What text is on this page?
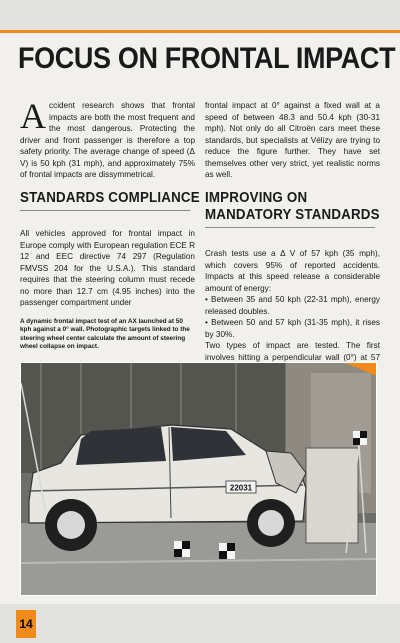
FOCUS ON FRONTAL IMPACT
Accident research shows that frontal impacts are both the most frequent and the most dangerous. Protecting the driver and front passenger is therefore a top safety priority. The average change of speed (Δ V) is 50 kph (31 mph), and approximately 75% of frontal impacts are dissymmetrical.

frontal impact at 0° against a fixed wall at a speed of between 48.3 and 50.4 kph (30-31 mph). Not only do all Citroën cars meet these standards, but specialists at Vélizy are trying to reduce the figure further. They have set themselves other very strict, yet realistic norms as well.

STANDARDS COMPLIANCE IMPROVING ON
MANDATORY STANDARDS

All vehicles approved for frontal impact in Europe comply with European regulation ECE R 12 and EEC directive 74 297 (Regulation FMVSS 204 for the U.S.A.). This standard requires that the steering column must recede no more than 12.7 cm (4.95 inches) into the passenger compartment under

A dynamic frontal impact test of an AX launched at 50 kph against a 0° wall. Photographic targets linked to the steering wheel center calculate the amount of steering wheel collapse on impact.

Crash tests use a Δ V of 57 kph (35 mph), which covers 95% of reported accidents. Impacts at this speed release a considerable amount of energy:

• Between 35 and 50 kph (22-31 mph), energy released doubles.

• Between 50 and 57 kph (31-35 mph), it rises by 30%.

Two types of impact are tested. The first involves hitting a perpendicular wall (0°) at 57

22031
14
